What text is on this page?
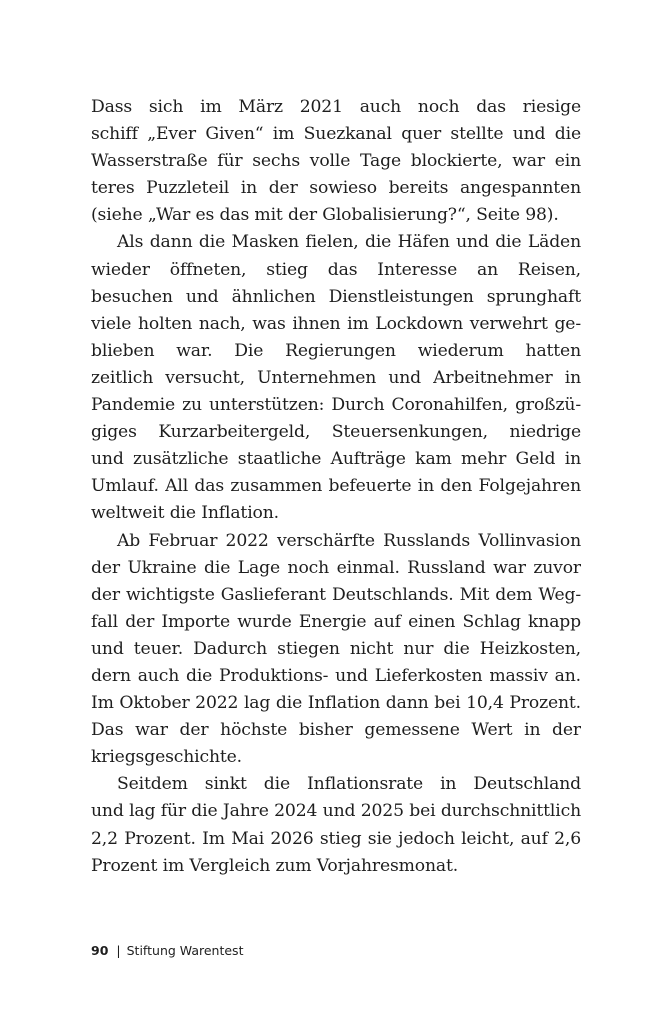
Dass sich im März 2021 auch noch das riesige
schiff „Ever Given“ im Suezkanal quer stellte und die
Wasserstraße für sechs volle Tage blockierte, war ein
teres Puzzleteil in der sowieso bereits angespannten
(siehe „War es das mit der Globalisierung?“, Seite 98).
Als dann die Masken fielen, die Häfen und die Läden
wieder öffneten, stieg das Interesse an Reisen,
besuchen und ähnlichen Dienstleistungen sprunghaft
viele holten nach, was ihnen im Lockdown verwehrt ge-
blieben war. Die Regierungen wiederum hatten
zeitlich versucht, Unternehmen und Arbeitnehmer in
Pandemie zu unterstützen: Durch Coronahilfen, großzü-
giges Kurzarbeitergeld, Steuersenkungen, niedrige
und zusätzliche staatliche Aufträge kam mehr Geld in
Umlauf. All das zusammen befeuerte in den Folgejahren
weltweit die Inflation.
Ab Februar 2022 verschärfte Russlands Vollinvasion
der Ukraine die Lage noch einmal. Russland war zuvor
der wichtigste Gaslieferant Deutschlands. Mit dem Weg-
fall der Importe wurde Energie auf einen Schlag knapp
und teuer. Dadurch stiegen nicht nur die Heizkosten,
dern auch die Produktions- und Lieferkosten massiv an.
Im Oktober 2022 lag die Inflation dann bei 10,4 Prozent.
Das war der höchste bisher gemessene Wert in der
kriegsgeschichte.
Seitdem sinkt die Inflationsrate in Deutschland
und lag für die Jahre 2024 und 2025 bei durchschnittlich
2,2 Prozent. Im Mai 2026 stieg sie jedoch leicht, auf 2,6
Prozent im Vergleich zum Vorjahresmonat.
90 | Stiftung Warentest
